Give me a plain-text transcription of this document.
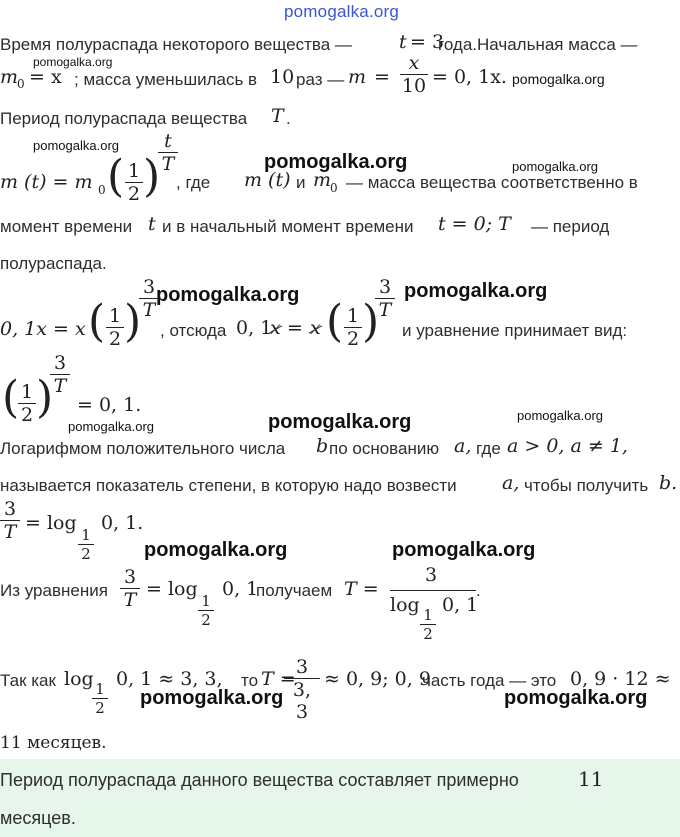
pomogalka.org
Время полураспада некоторого вещества — t = 3
года.Начальная масса —
pomogalka.org
m
0 = x ; масса уменьшилась в 10 раз — m =
x
10 = 0, 1x. pomogalka.org
Период полураспада вещества T .
pomogalka.org
pomogalka.org	pomogalka.org
m (t) = m 0 ( 1
2 )
t
T
, где m (t) и m
0 — масса вещества соответственно в
момент времени t и в начальный момент времени t = 0; T — период
полураспада.
pomogalka.org	pomogalka.org
0, 1x = x ( 1
2 )
3
T
, отсюда 0, 1
x = x ( 1
2 )
3
T
и уравнение принимает вид:
( 1
2 )
3
T
= 0, 1.
pomogalka.org	pomogalka.org	pomogalka.org
Логарифмом положительного числа b по основанию a, где a > 0, a ≠ 1,
называется показатель степени, в которую надо возвести a, чтобы получить b.
3
T = log
1
2
0, 1.
pomogalka.org	pomogalka.org
Из уравнения
3
T = log
1
2
0, 1
получаем T =
3
log 1
2
0, 1
.
Так как log 1
2
0, 1 ≈ 3, 3, то T =
3
3, 3
≈ 0, 9; 0, 9
часть года — это 0, 9 · 12 ≈
pomogalka.org	pomogalka.org
11 месяцев.
Период полураспада данного вещества составляет примерно	11
месяцев.
